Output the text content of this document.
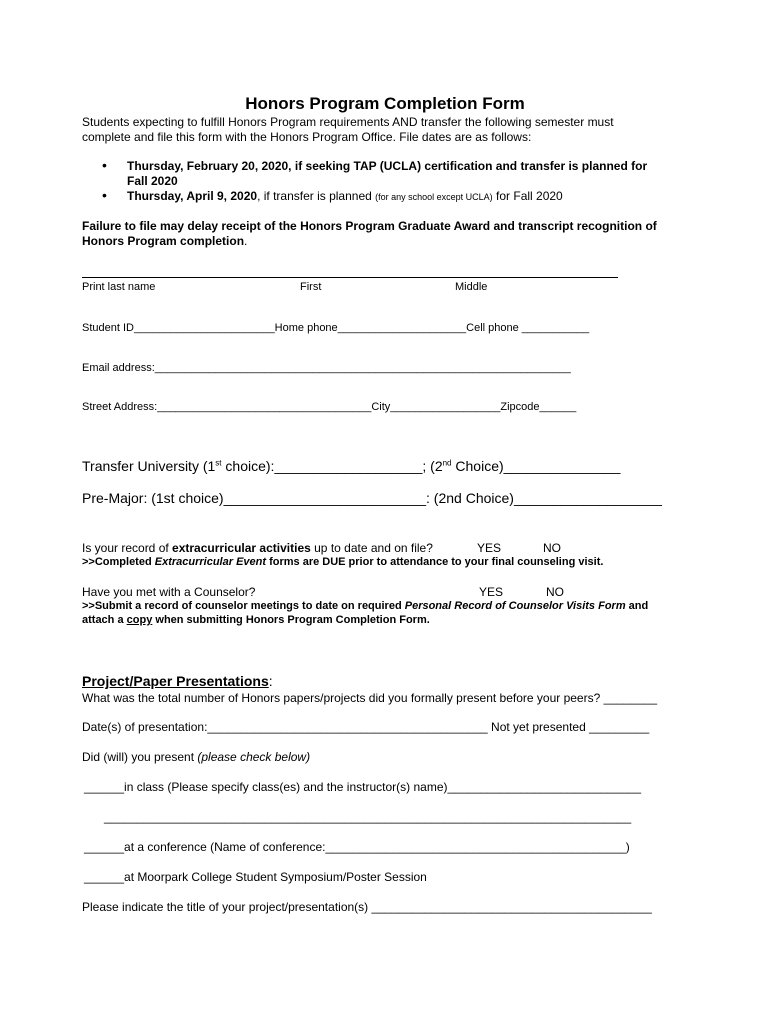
Honors Program Completion Form
Students expecting to fulfill Honors Program requirements AND transfer the following semester must
complete and file this form with the Honors Program Office. File dates are as follows:
• Thursday, February 20, 2020, if seeking TAP (UCLA) certification and transfer is planned for
Fall 2020
• Thursday, April 9, 2020, if transfer is planned (for any school except UCLA) for Fall 2020
Failure to file may delay receipt of the Honors Program Graduate Award and transcript recognition of
Honors Program completion.
Print last name	First	Middle
Student ID_______________________Home phone_____________________Cell phone ___________
Email address:____________________________________________________________________
Street Address:___________________________________City__________________Zipcode______
Transfer University (1st choice):___________________; (2nd Choice)_______________
Pre-Major: (1st choice)__________________________: (2nd Choice)___________________
Is your record of extracurricular activities up to date and on file?	YES	NO
>>Completed Extracurricular Event forms are DUE prior to attendance to your final counseling visit.
Have you met with a Counselor?	YES	NO
>>Submit a record of counselor meetings to date on required Personal Record of Counselor Visits Form and
attach a copy when submitting Honors Program Completion Form.
Project/Paper Presentations:
What was the total number of Honors papers/projects did you formally present before your peers? ________
Date(s) of presentation:__________________________________________ Not yet presented _________
Did (will) you present (please check below)
______in class (Please specify class(es) and the instructor(s) name)_____________________________
_______________________________________________________________________________
______at a conference (Name of conference:_____________________________________________)
______at Moorpark College Student Symposium/Poster Session
Please indicate the title of your project/presentation(s) __________________________________________
